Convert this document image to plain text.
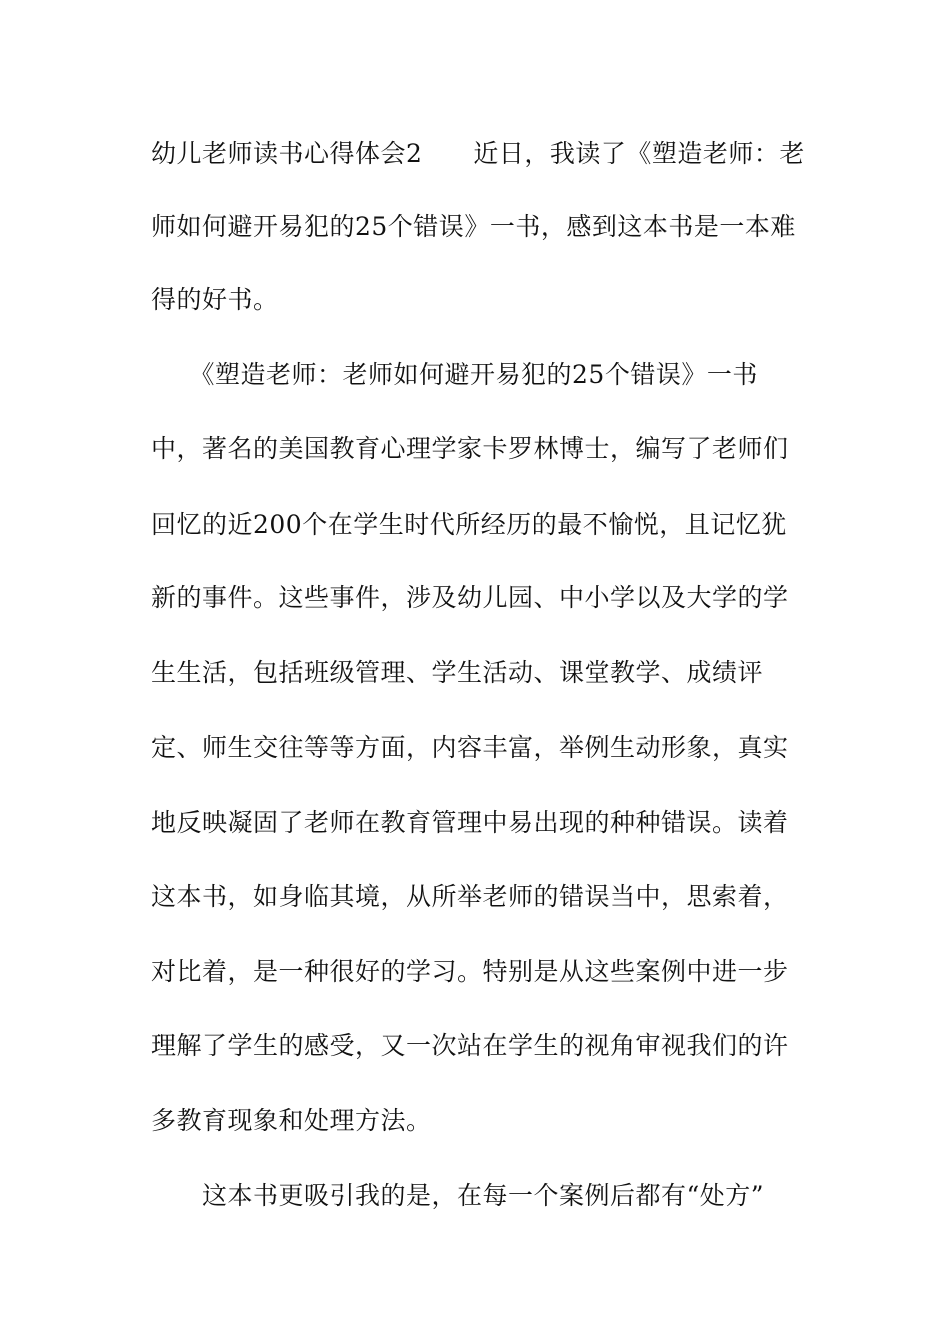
幼儿老师读书心得体会2　　近日，我读了《塑造老师：老
师如何避开易犯的25个错误》一书，感到这本书是一本难
得的好书。
　　《塑造老师：老师如何避开易犯的25个错误》一书
中，著名的美国教育心理学家卡罗林博士，编写了老师们
回忆的近200个在学生时代所经历的最不愉悦，且记忆犹
新的事件。这些事件，涉及幼儿园、中小学以及大学的学
生生活，包括班级管理、学生活动、课堂教学、成绩评
定、师生交往等等方面，内容丰富，举例生动形象，真实
地反映凝固了老师在教育管理中易出现的种种错误。读着
这本书，如身临其境，从所举老师的错误当中，思索着，
对比着，是一种很好的学习。特别是从这些案例中进一步
理解了学生的感受，又一次站在学生的视角审视我们的许
多教育现象和处理方法。
　　这本书更吸引我的是，在每一个案例后都有“处方”
